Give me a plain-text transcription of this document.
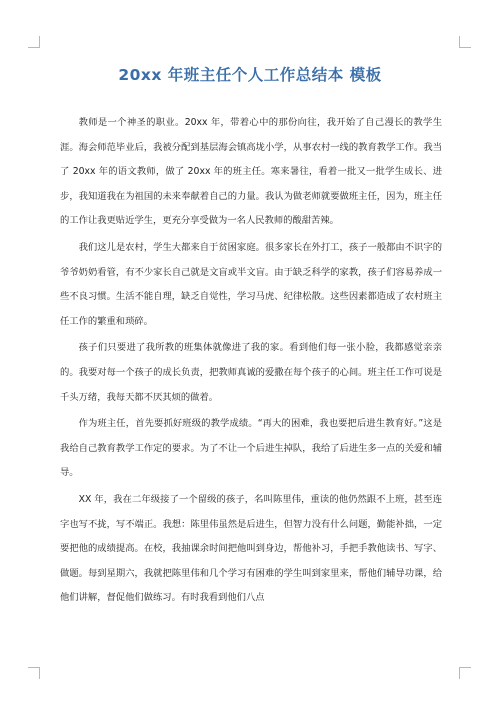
20xx 年班主任个人工作总结本 模板

教师是一个神圣的职业。20xx 年，带着心中的那份向往，我开始了自己漫长的教学生涯。海会师范毕业后，我被分配到基层海会镇高垅小学，从事农村一线的教育教学工作。我当了 20xx 年的语文教师，做了 20xx 年的班主任。寒来暑往，看着一批又一批学生成长、进步，我知道我在为祖国的未来奉献着自己的力量。我认为做老师就要做班主任，因为，班主任的工作让我更贴近学生，更充分享受做为一名人民教师的酸甜苦辣。

我们这儿是农村，学生大都来自于贫困家庭。很多家长在外打工，孩子一般都由不识字的爷爷奶奶看管，有不少家长自己就是文盲或半文盲。由于缺乏科学的家教，孩子们容易养成一些不良习惯。生活不能自理，缺乏自觉性，学习马虎、纪律松散。这些因素都造成了农村班主任工作的繁重和琐碎。

孩子们只要进了我所教的班集体就像进了我的家。看到他们每一张小脸，我都感觉亲亲的。我要对每一个孩子的成长负责，把教师真诚的爱撒在每个孩子的心间。班主任工作可说是千头万绪，我每天都不厌其烦的做着。

作为班主任，首先要抓好班级的教学成绩。“再大的困难，我也要把后进生教育好。”这是我给自己教育教学工作定的要求。为了不让一个后进生掉队，我给了后进生多一点的关爱和辅导。

XX 年，我在二年级接了一个留级的孩子，名叫陈里伟，重读的他仍然跟不上班，甚至连字也写不拢，写不端正。我想：陈里伟虽然是后进生，但智力没有什么问题，勤能补拙，一定要把他的成绩提高。在校，我抽课余时间把他叫到身边，帮他补习，手把手教他读书、写字、做题。每到星期六，我就把陈里伟和几个学习有困难的学生叫到家里来，帮他们辅导功课，给他们讲解，督促他们做练习。有时我看到他们八点
